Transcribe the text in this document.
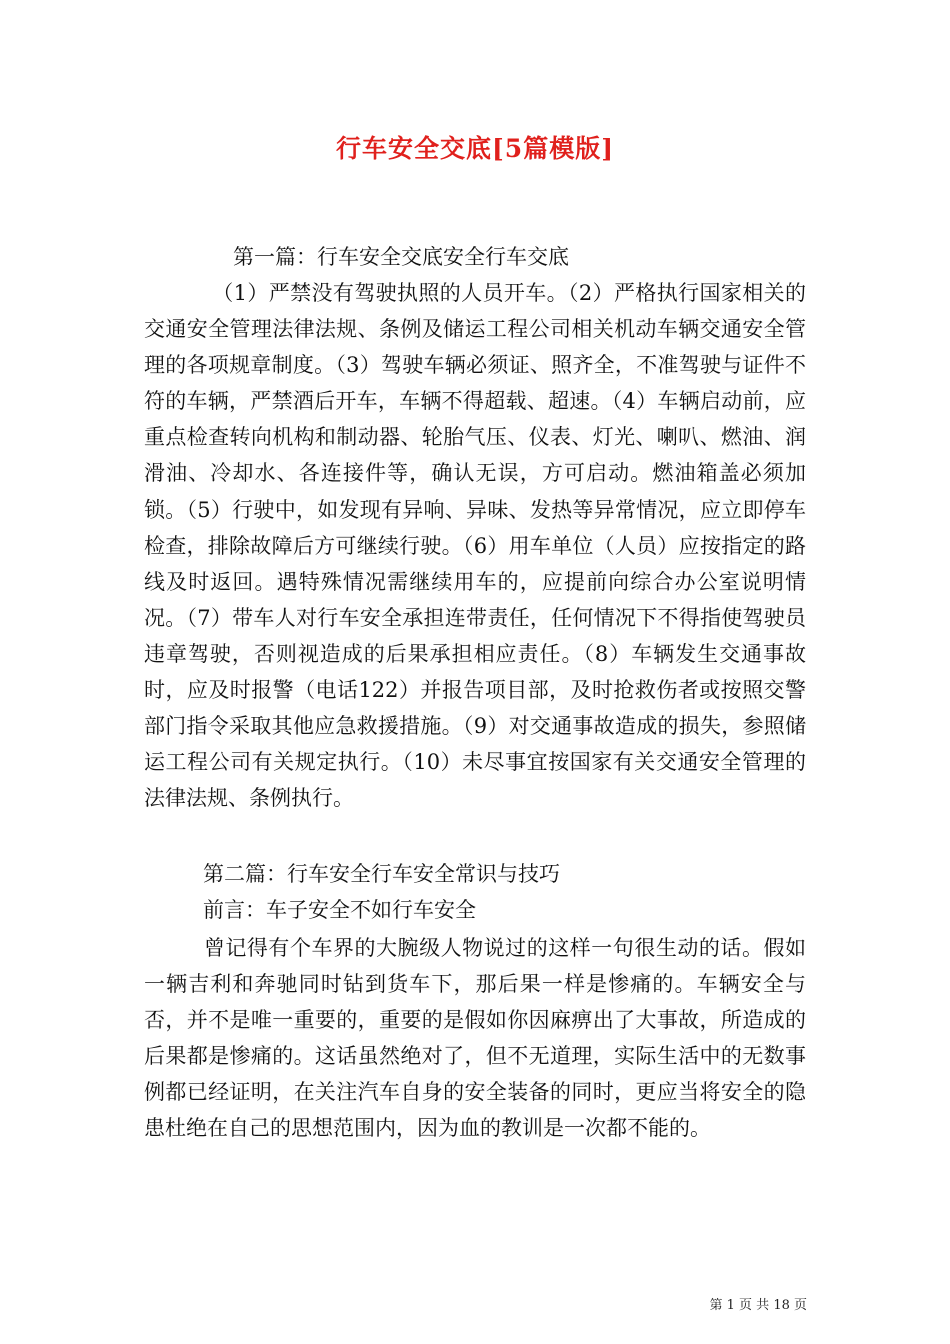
行车安全交底[5篇模版]
第一篇：行车安全交底安全行车交底

（1）严禁没有驾驶执照的人员开车。（2）严格执行国家相关的交通安全管理法律法规、条例及储运工程公司相关机动车辆交通安全管理的各项规章制度。（3）驾驶车辆必须证、照齐全，不准驾驶与证件不符的车辆，严禁酒后开车，车辆不得超载、超速。（4）车辆启动前，应重点检查转向机构和制动器、轮胎气压、仪表、灯光、喇叭、燃油、润滑油、冷却水、各连接件等，确认无误，方可启动。燃油箱盖必须加锁。（5）行驶中，如发现有异响、异味、发热等异常情况，应立即停车检查，排除故障后方可继续行驶。（6）用车单位（人员）应按指定的路线及时返回。遇特殊情况需继续用车的，应提前向综合办公室说明情况。（7）带车人对行车安全承担连带责任，任何情况下不得指使驾驶员违章驾驶，否则视造成的后果承担相应责任。（8）车辆发生交通事故时，应及时报警（电话122）并报告项目部，及时抢救伤者或按照交警部门指令采取其他应急救援措施。（9）对交通事故造成的损失，参照储运工程公司有关规定执行。（10）未尽事宜按国家有关交通安全管理的法律法规、条例执行。

第二篇：行车安全行车安全常识与技巧
前言：车子安全不如行车安全

曾记得有个车界的大腕级人物说过的这样一句很生动的话。假如一辆吉利和奔驰同时钻到货车下，那后果一样是惨痛的。车辆安全与否，并不是唯一重要的，重要的是假如你因麻痹出了大事故，所造成的后果都是惨痛的。这话虽然绝对了，但不无道理，实际生活中的无数事例都已经证明，在关注汽车自身的安全装备的同时，更应当将安全的隐患杜绝在自己的思想范围内，因为血的教训是一次都不能的。

第 1 页 共 18 页
